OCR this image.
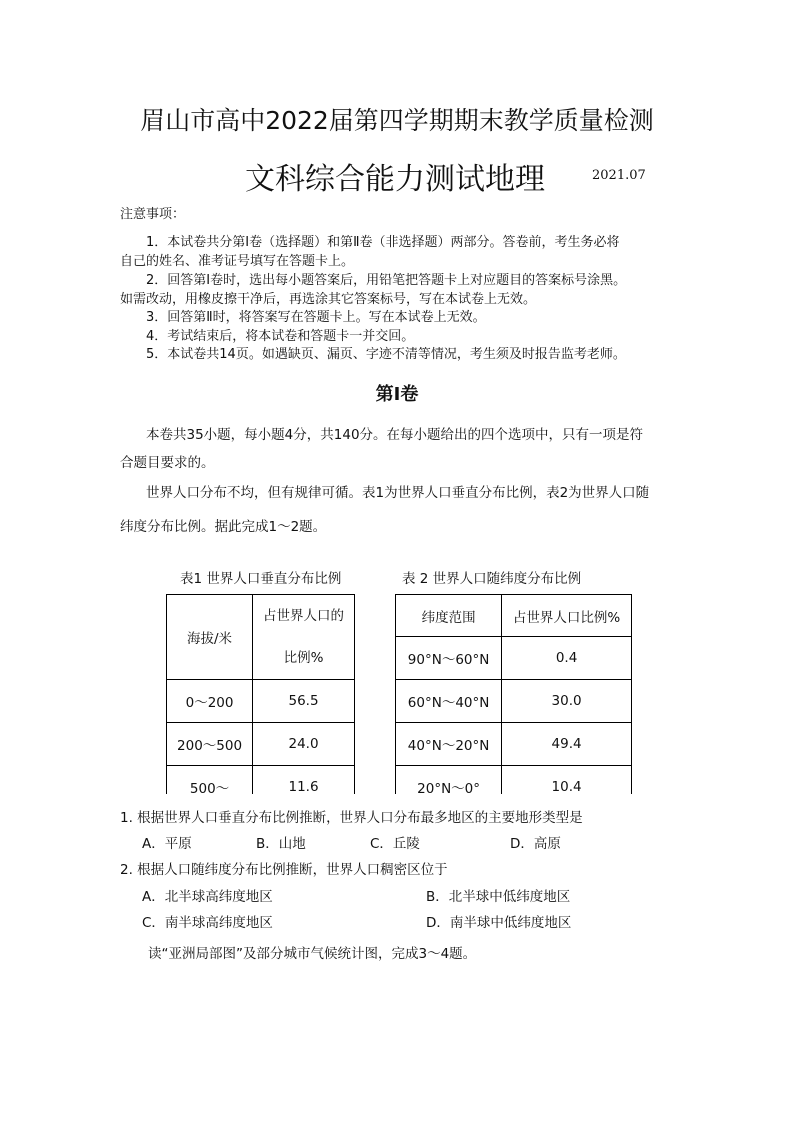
眉山市高中2022届第四学期期末教学质量检测
文科综合能力测试地理	2021.07
注意事项：
1．本试卷共分第Ⅰ卷（选择题）和第Ⅱ卷（非选择题）两部分。答卷前，考生务必将
自己的姓名、准考证号填写在答题卡上。
2．回答第Ⅰ卷时，选出每小题答案后，用铅笔把答题卡上对应题目的答案标号涂黑。
如需改动，用橡皮擦干净后，再选涂其它答案标号，写在本试卷上无效。
3．回答第Ⅱ时，将答案写在答题卡上。写在本试卷上无效。
4．考试结束后，将本试卷和答题卡一并交回。
5．本试卷共14页。如遇缺页、漏页、字迹不清等情况，考生须及时报告监考老师。
第Ⅰ卷
本卷共35小题，每小题4分，共140分。在每小题给出的四个选项中，只有一项是符
合题目要求的。
世界人口分布不均，但有规律可循。表1为世界人口垂直分布比例，表2为世界人口随
纬度分布比例。据此完成1～2题。
表1 世界人口垂直分布比例	表 2 世界人口随纬度分布比例
海拔/米	占世界人口的
比例%

0～200	56.5
200～500	24.0
500～	11.6
纬度范围	占世界人口比例%
90°N～60°N	0.4
60°N～40°N	30.0
40°N～20°N	49.4
20°N～0°	10.4
1. 根据世界人口垂直分布比例推断，世界人口分布最多地区的主要地形类型是
A．平原	B．山地	C．丘陵	D．高原
2. 根据人口随纬度分布比例推断，世界人口稠密区位于
A．北半球高纬度地区	B．北半球中低纬度地区
C．南半球高纬度地区	D．南半球中低纬度地区
读“亚洲局部图”及部分城市气候统计图，完成3～4题。
